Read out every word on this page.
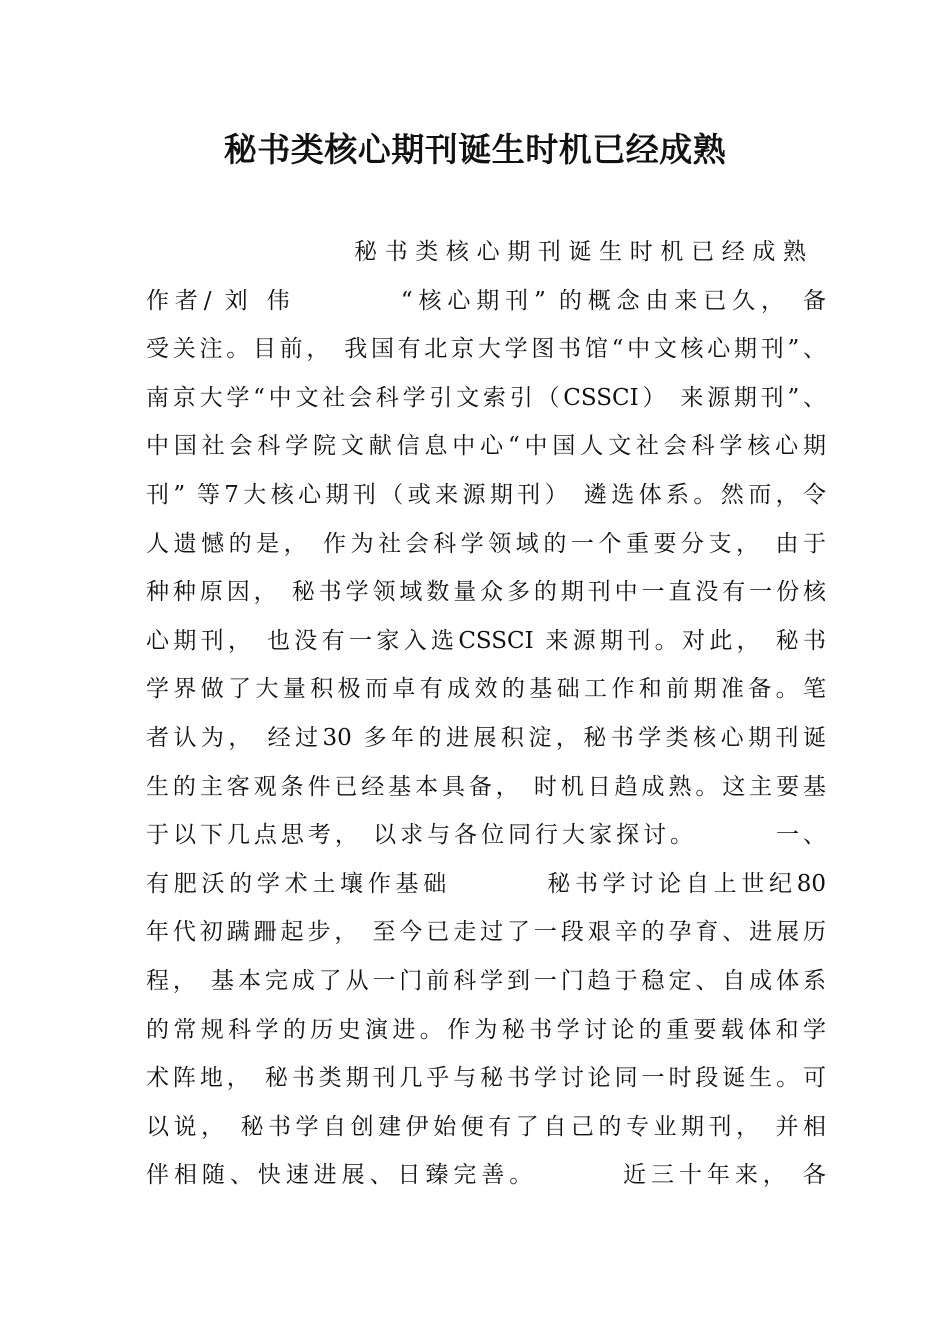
秘书类核心期刊诞生时机已经成熟
秘书类核心期刊诞生时机已经成熟
作者/ 刘 伟        “核心期刊” 的概念由来已久， 备
受关注。目前， 我国有北京大学图书馆“中文核心期刊”、
南京大学“中文社会科学引文索引（CSSCI） 来源期刊”、
中国社会科学院文献信息中心“中国人文社会科学核心期
刊” 等7大核心期刊（或来源期刊） 遴选体系。然而，令
人遗憾的是， 作为社会科学领域的一个重要分支， 由于
种种原因， 秘书学领域数量众多的期刊中一直没有一份核
心期刊， 也没有一家入选CSSCI 来源期刊。对此， 秘书
学界做了大量积极而卓有成效的基础工作和前期准备。笔
者认为， 经过30 多年的进展积淀，秘书学类核心期刊诞
生的主客观条件已经基本具备， 时机日趋成熟。这主要基
于以下几点思考， 以求与各位同行大家探讨。       一、
有肥沃的学术土壤作基础        秘书学讨论自上世纪80
年代初蹒跚起步， 至今已走过了一段艰辛的孕育、进展历
程， 基本完成了从一门前科学到一门趋于稳定、自成体系
的常规科学的历史演进。作为秘书学讨论的重要载体和学
术阵地， 秘书类期刊几乎与秘书学讨论同一时段诞生。可
以说， 秘书学自创建伊始便有了自己的专业期刊， 并相
伴相随、快速进展、日臻完善。       近三十年来， 各
